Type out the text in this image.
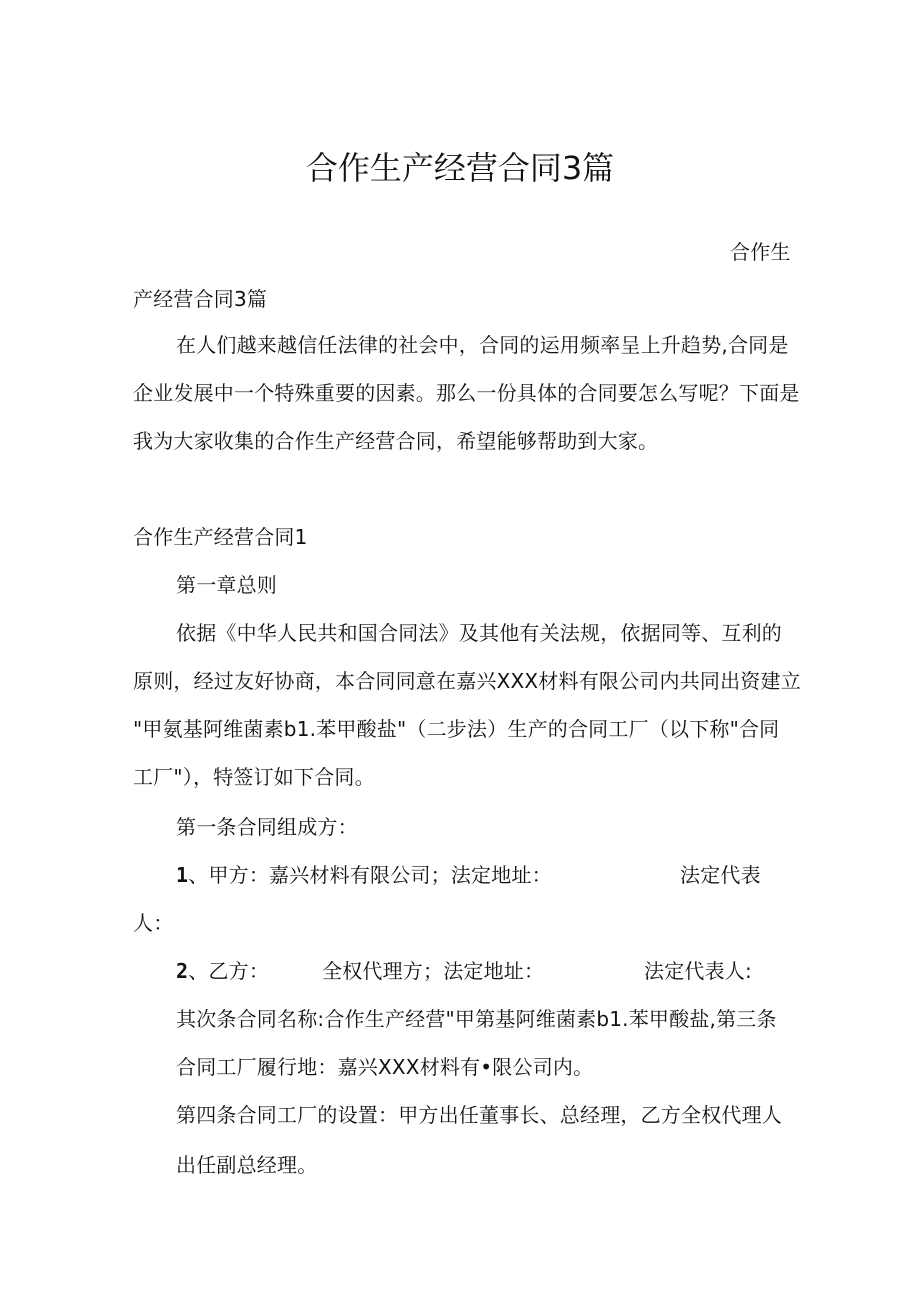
合作生产经营合同3篇
合作生
产经营合同3篇
在人们越来越信任法律的社会中，合同的运用频率呈上升趋势,合同是
企业发展中一个特殊重要的因素。那么一份具体的合同要怎么写呢？下面是
我为大家收集的合作生产经营合同，希望能够帮助到大家。
合作生产经营合同1
第一章总则
依据《中华人民共和国合同法》及其他有关法规，依据同等、互利的
原则，经过友好协商，本合同同意在嘉兴XXX材料有限公司内共同出资建立
"甲氨基阿维菌素b1.苯甲酸盐"（二步法）生产的合同工厂（以下称"合同
工厂"），特签订如下合同。
第一条合同组成方：
1、甲方：嘉兴材料有限公司；法定地址：	法定代表
人：
2、乙方：	全权代理方；法定地址：	法定代表人:
其次条合同名称:合作生产经营"甲第基阿维菌素b1.苯甲酸盐,第三条
合同工厂履行地：嘉兴XXX材料有•限公司内。
第四条合同工厂的设置：甲方出任董事长、总经理，乙方全权代理人
出任副总经理。
